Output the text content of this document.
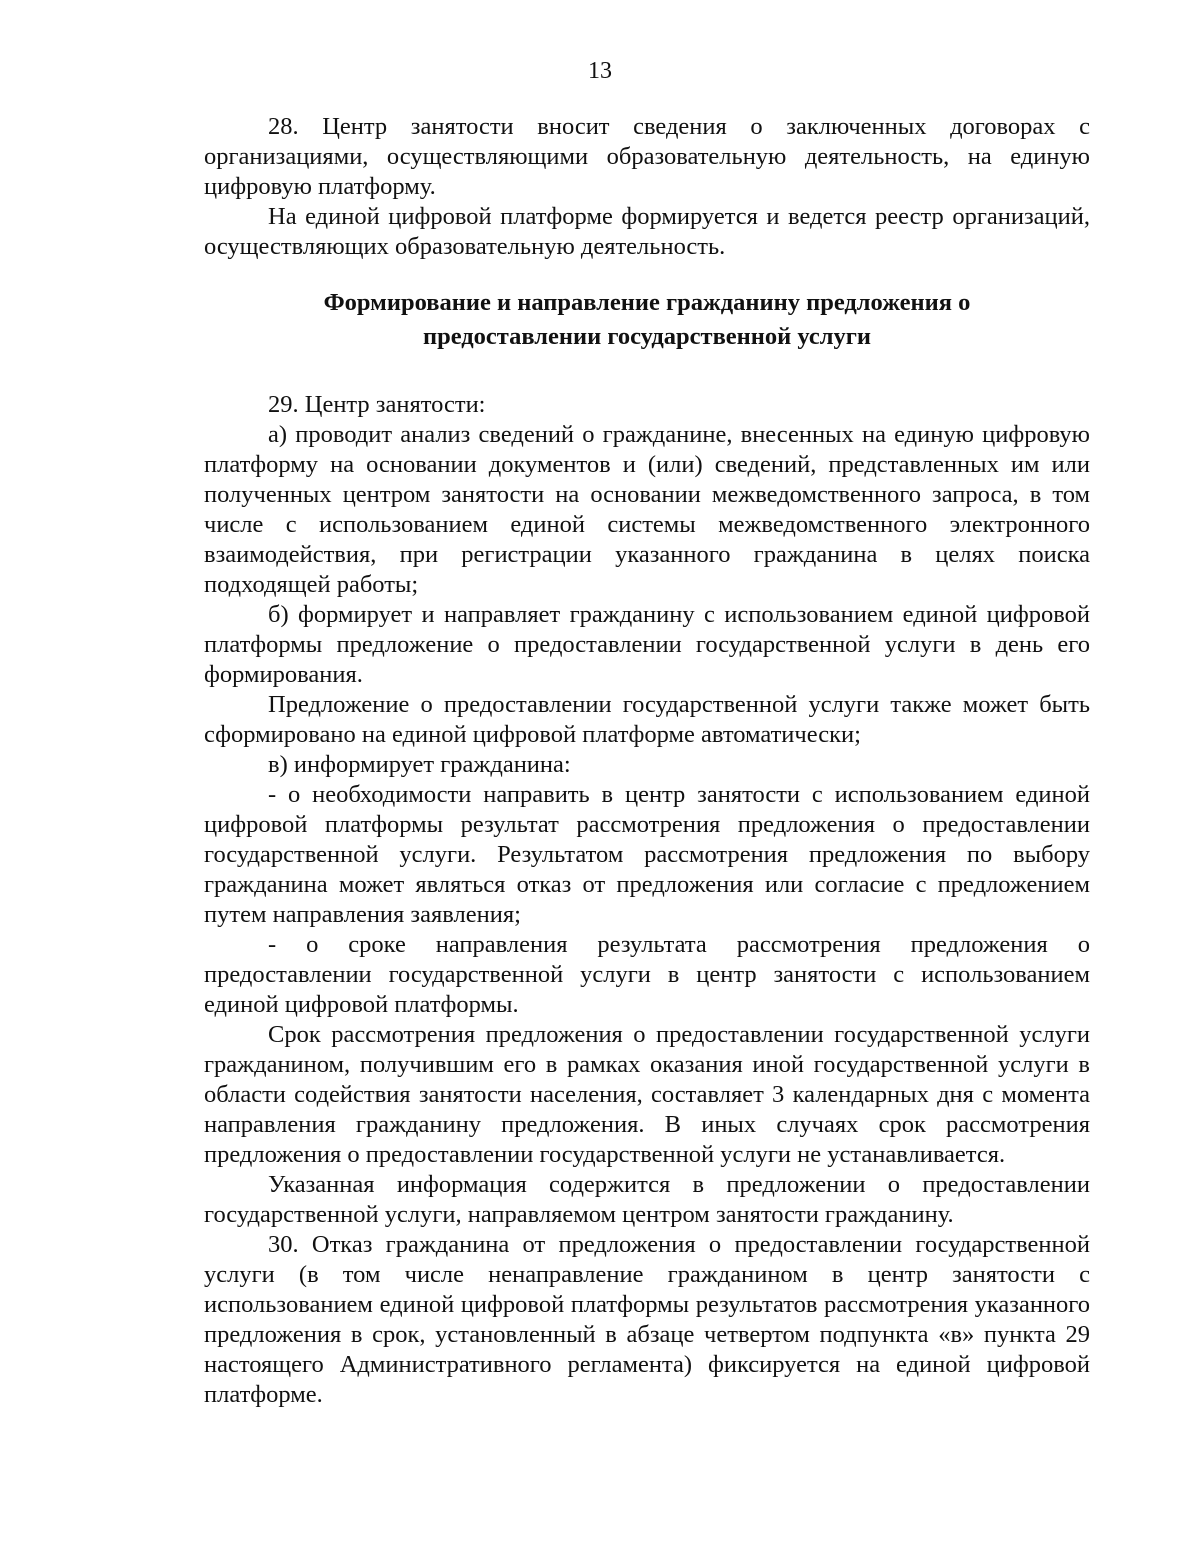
13

28. Центр занятости вносит сведения о заключенных договорах с организациями, осуществляющими образовательную деятельность, на единую цифровую платформу.

На единой цифровой платформе формируется и ведется реестр организаций, осуществляющих образовательную деятельность.

Формирование и направление гражданину предложения о предоставлении государственной услуги

29. Центр занятости:

а) проводит анализ сведений о гражданине, внесенных на единую цифровую платформу на основании документов и (или) сведений, представленных им или полученных центром занятости на основании межведомственного запроса, в том числе с использованием единой системы межведомственного электронного взаимодействия, при регистрации указанного гражданина в целях поиска подходящей работы;

б) формирует и направляет гражданину с использованием единой цифровой платформы предложение о предоставлении государственной услуги в день его формирования.

Предложение о предоставлении государственной услуги также может быть сформировано на единой цифровой платформе автоматически;

в) информирует гражданина:

- о необходимости направить в центр занятости с использованием единой цифровой платформы результат рассмотрения предложения о предоставлении государственной услуги. Результатом рассмотрения предложения по выбору гражданина может являться отказ от предложения или согласие с предложением путем направления заявления;

- о сроке направления результата рассмотрения предложения о предоставлении государственной услуги в центр занятости с использованием единой цифровой платформы.

Срок рассмотрения предложения о предоставлении государственной услуги гражданином, получившим его в рамках оказания иной государственной услуги в области содействия занятости населения, составляет 3 календарных дня с момента направления гражданину предложения. В иных случаях срок рассмотрения предложения о предоставлении государственной услуги не устанавливается.

Указанная информация содержится в предложении о предоставлении государственной услуги, направляемом центром занятости гражданину.

30. Отказ гражданина от предложения о предоставлении государственной услуги (в том числе ненаправление гражданином в центр занятости с использованием единой цифровой платформы результатов рассмотрения указанного предложения в срок, установленный в абзаце четвертом подпункта «в» пункта 29 настоящего Административного регламента) фиксируется на единой цифровой платформе.
